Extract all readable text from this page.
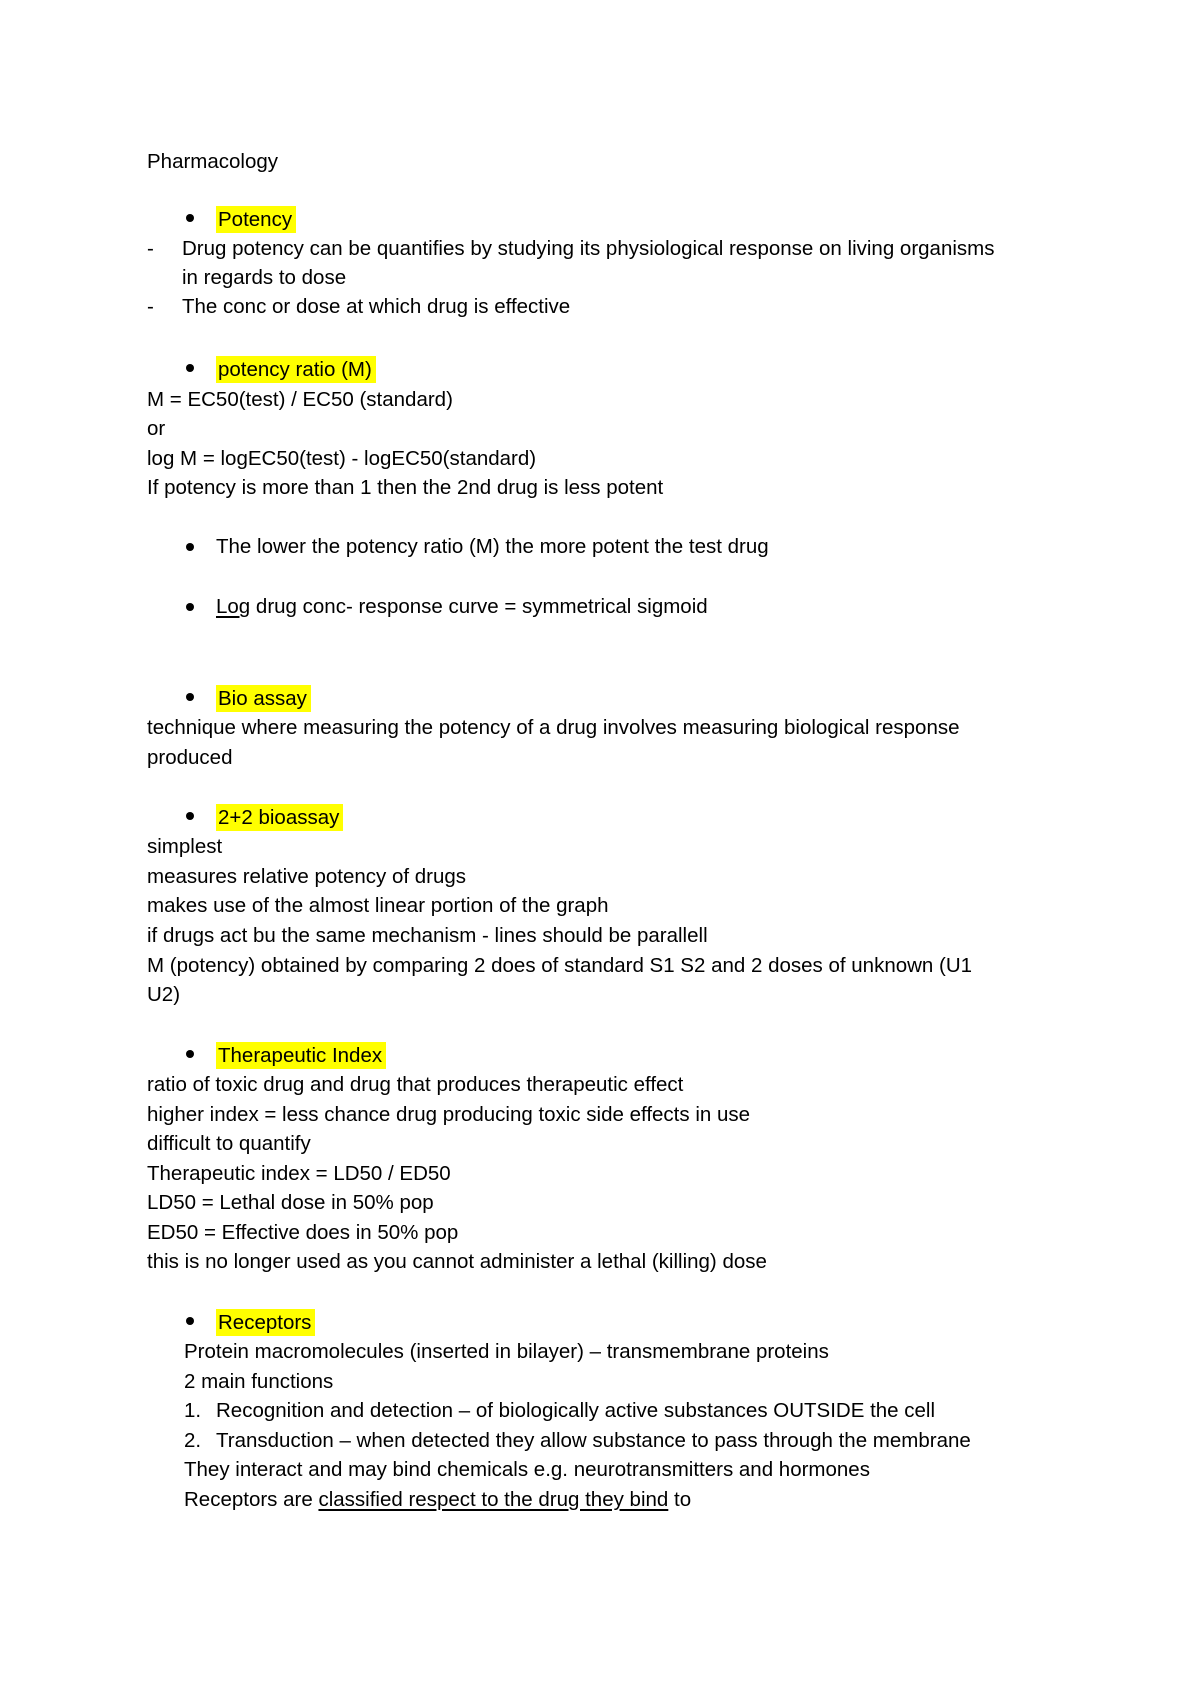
Pharmacology
Potency
- Drug potency can be quantifies by studying its physiological response on living organisms
in regards to dose
- The conc or dose at which drug is effective
potency ratio (M)
M = EC50(test) / EC50 (standard)
or
log M = logEC50(test) - logEC50(standard)
If potency is more than 1 then the 2nd drug is less potent
The lower the potency ratio (M) the more potent the test drug
Log drug conc- response curve = symmetrical sigmoid
Bio assay
technique where measuring the potency of a drug involves measuring biological response
produced
2+2 bioassay
simplest
measures relative potency of drugs
makes use of the almost linear portion of the graph
if drugs act bu the same mechanism - lines should be parallell
M (potency) obtained by comparing 2 does of standard S1 S2 and 2 doses of unknown (U1
U2)
Therapeutic Index
ratio of toxic drug and drug that produces therapeutic effect
higher index = less chance drug producing toxic side effects in use
difficult to quantify
Therapeutic index = LD50 / ED50
LD50 = Lethal dose in 50% pop
ED50 = Effective does in 50% pop
this is no longer used as you cannot administer a lethal (killing) dose
Receptors
Protein macromolecules (inserted in bilayer) – transmembrane proteins
2 main functions
1. Recognition and detection – of biologically active substances OUTSIDE the cell
2. Transduction – when detected they allow substance to pass through the membrane
They interact and may bind chemicals e.g. neurotransmitters and hormones
Receptors are classified respect to the drug they bind to
